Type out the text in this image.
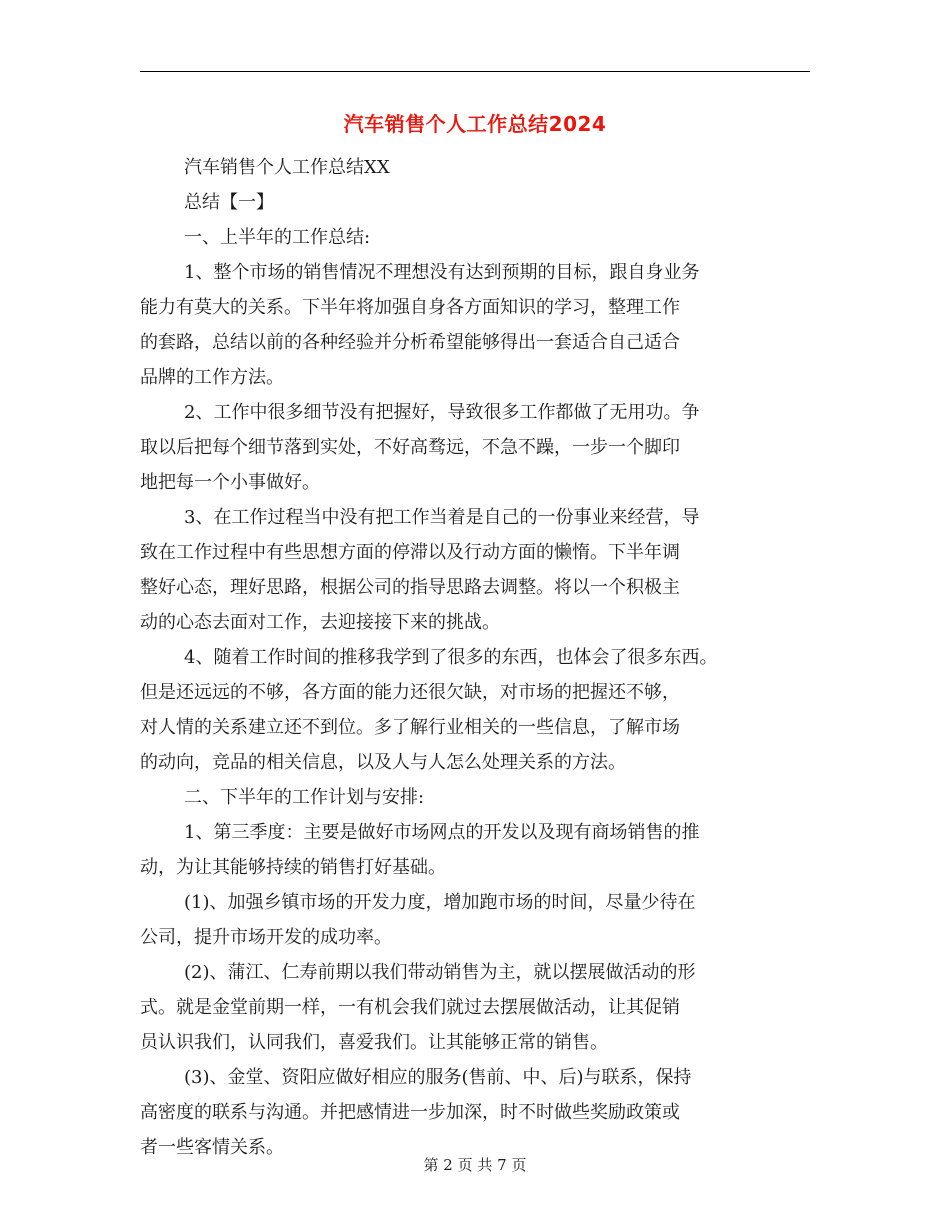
汽车销售个人工作总结2024
汽车销售个人工作总结XX
总结【一】
一、上半年的工作总结:
1、整个市场的销售情况不理想没有达到预期的目标，跟自身业务
能力有莫大的关系。下半年将加强自身各方面知识的学习，整理工作
的套路，总结以前的各种经验并分析希望能够得出一套适合自己适合
品牌的工作方法。
2、工作中很多细节没有把握好，导致很多工作都做了无用功。争
取以后把每个细节落到实处，不好高骛远，不急不躁，一步一个脚印
地把每一个小事做好。
3、在工作过程当中没有把工作当着是自己的一份事业来经营，导
致在工作过程中有些思想方面的停滞以及行动方面的懒惰。下半年调
整好心态，理好思路，根据公司的指导思路去调整。将以一个积极主
动的心态去面对工作，去迎接接下来的挑战。
4、随着工作时间的推移我学到了很多的东西，也体会了很多东西。
但是还远远的不够，各方面的能力还很欠缺，对市场的把握还不够，
对人情的关系建立还不到位。多了解行业相关的一些信息，了解市场
的动向，竞品的相关信息，以及人与人怎么处理关系的方法。
二、下半年的工作计划与安排:
1、第三季度：主要是做好市场网点的开发以及现有商场销售的推
动，为让其能够持续的销售打好基础。
(1)、加强乡镇市场的开发力度，增加跑市场的时间，尽量少待在
公司，提升市场开发的成功率。
(2)、蒲江、仁寿前期以我们带动销售为主，就以摆展做活动的形
式。就是金堂前期一样，一有机会我们就过去摆展做活动，让其促销
员认识我们，认同我们，喜爱我们。让其能够正常的销售。
(3)、金堂、资阳应做好相应的服务(售前、中、后)与联系，保持
高密度的联系与沟通。并把感情进一步加深，时不时做些奖励政策或
者一些客情关系。
第 2 页 共 7 页
